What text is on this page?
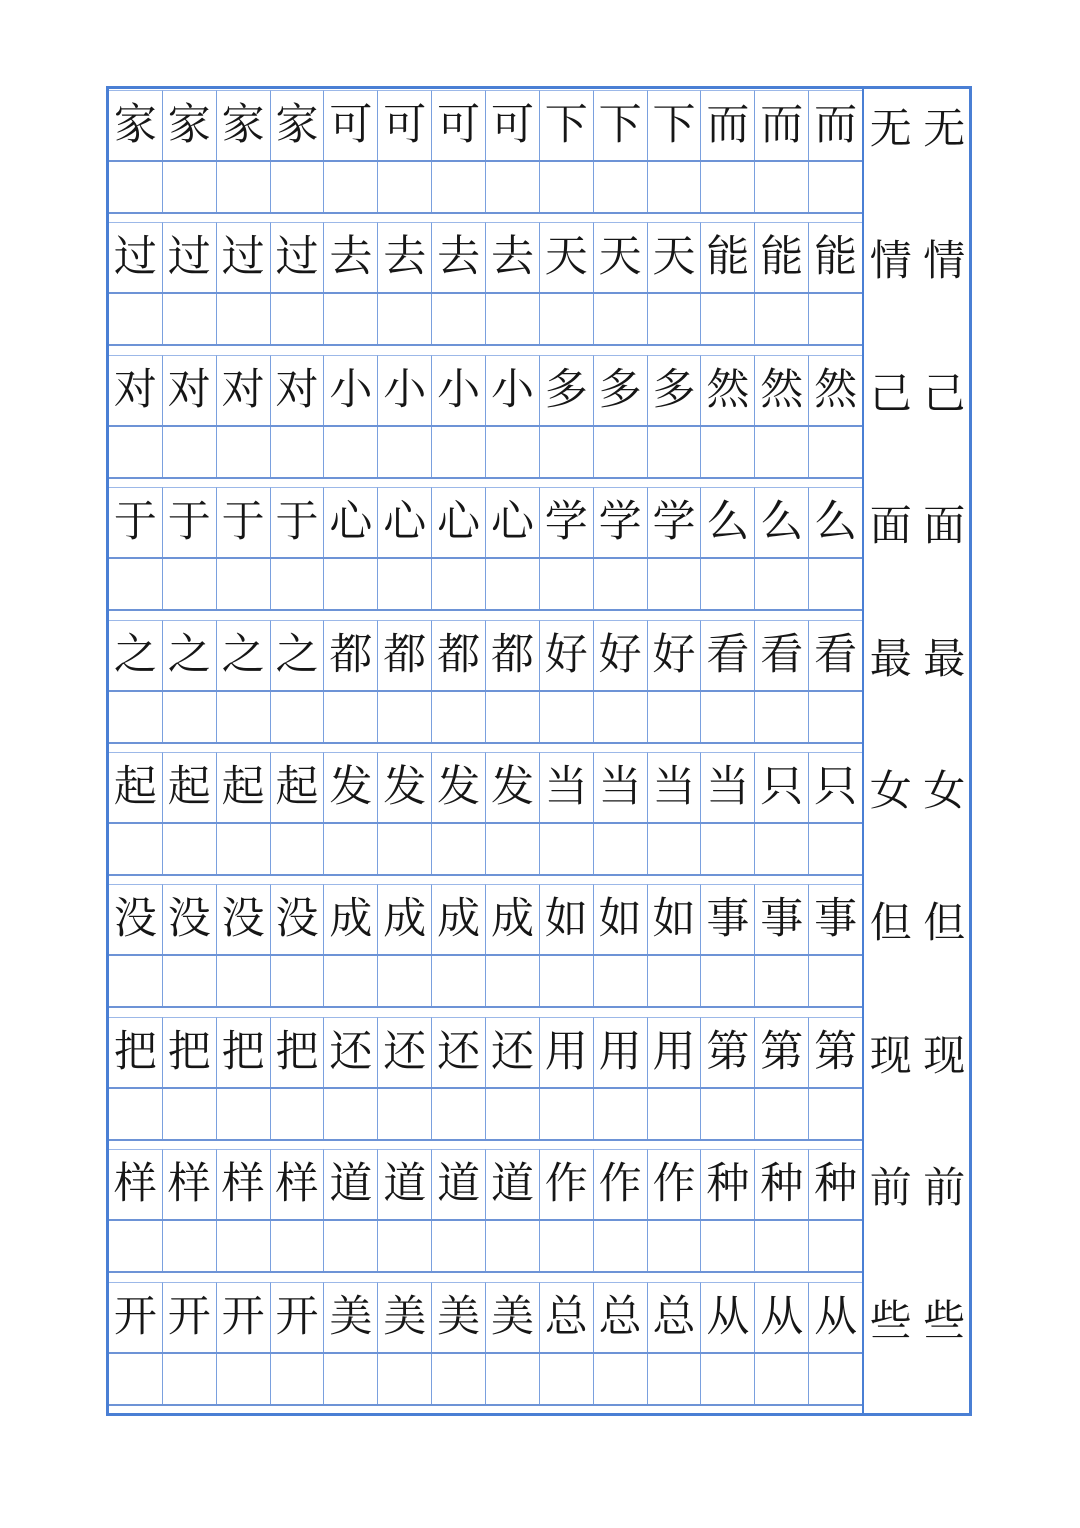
家 家 家 家 可 可 可 可 下 下 下 而 而 而
过 过 过 过 去 去 去 去 天 天 天 能 能 能
对 对 对 对 小 小 小 小 多 多 多 然 然 然
于 于 于 于 心 心 心 心 学 学 学 么 么 么
之 之 之 之 都 都 都 都 好 好 好 看 看 看
起 起 起 起 发 发 发 发 当 当 当 当 只 只
没 没 没 没 成 成 成 成 如 如 如 事 事 事
把 把 把 把 还 还 还 还 用 用 用 第 第 第
样 样 样 样 道 道 道 道 作 作 作 种 种 种
开 开 开 开 美 美 美 美 总 总 总 从 从 从
无 无
情 情
己 己
面 面
最 最
女 女
但 但
现 现
前 前
些 些
